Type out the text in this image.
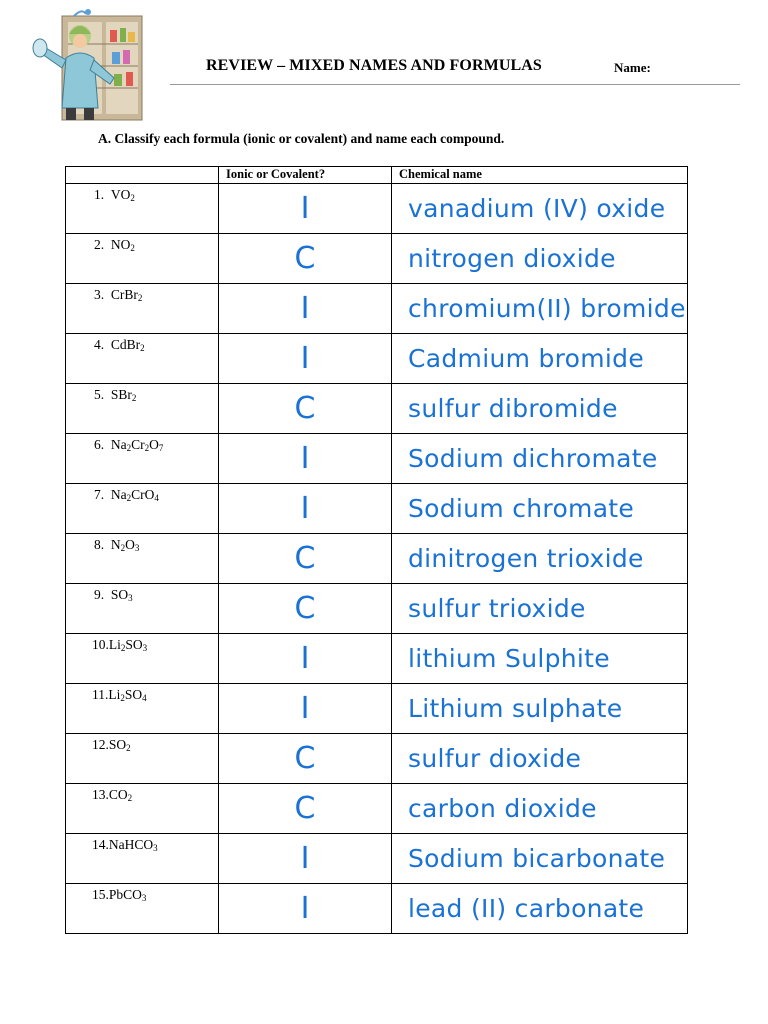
REVIEW – MIXED NAMES AND FORMULAS	Name:
A. Classify each formula (ionic or covalent) and name each compound.
	Ionic or Covalent?	Chemical name
1. $VO_2$	I	vanadium (IV) oxide
2. $NO_2$	C	nitrogen dioxide
3. CrBr$_2$	I	chromium(II) bromide
4. CdBr$_2$	I	Cadmium bromide
5. SBr$_2$	C	sulfur dibromide
6. $Na_2Cr_2O_7$	I	Sodium dichromate
7. $Na_2CrO_4$	I	Sodium chromate
8. $N_2O_3$	C	dinitrogen trioxide
9. $SO_3$	C	sulfur trioxide
$10.Li_2SO_3$	I	lithium Sulphite
$11.Li_2SO_4$	I	Lithium sulphate
$12.SO_2$	C	sulfur dioxide
$13.CO_2$	C	carbon dioxide
14.NaHCO$_3$	I	Sodium bicarbonate
15.PbCO$_3$	I	lead (II) carbonate
